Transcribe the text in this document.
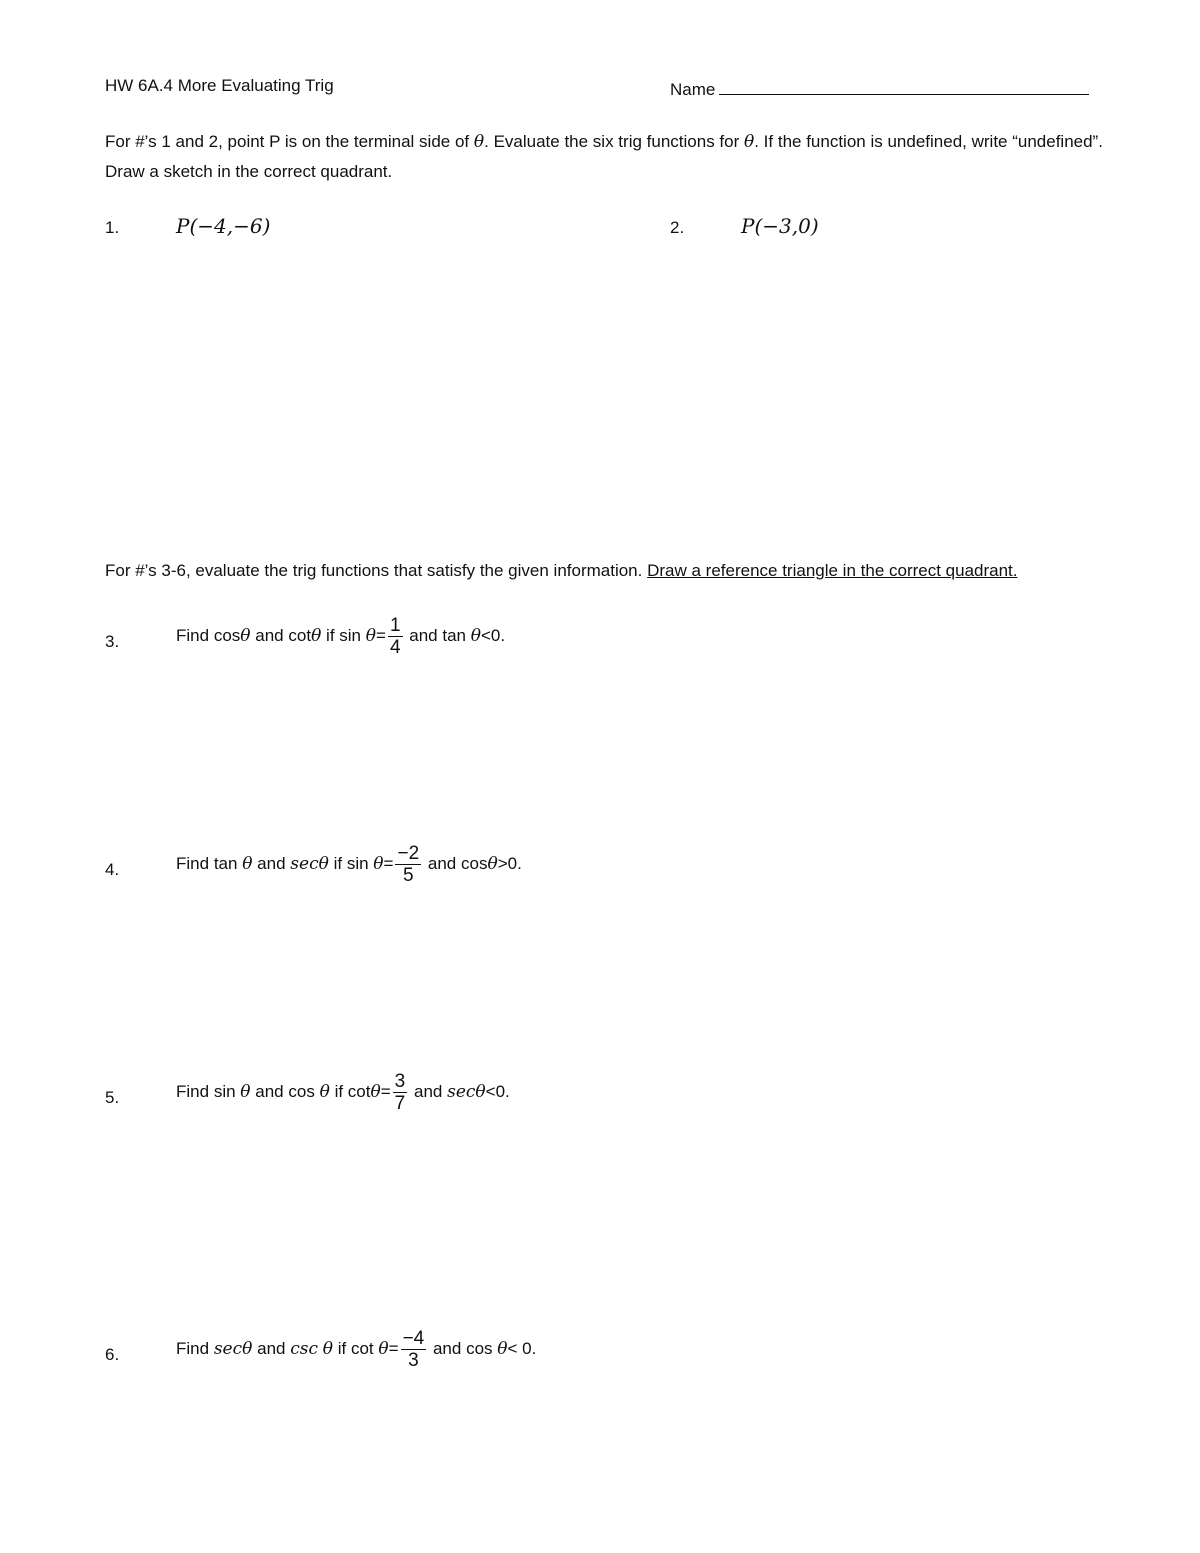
HW 6A.4 More Evaluating Trig	Name
For #’s 1 and 2, point P is on the terminal side of θ. Evaluate the six trig functions for θ. If the function is undefined, write “undefined”. Draw a sketch in the correct quadrant.
1.	P(−4,−6)	2.	P(−3,0)
For #’s 3-6, evaluate the trig functions that satisfy the given information. Draw a reference triangle in the correct quadrant.
3.	Find cosθ and cotθ if $\sin \theta= \frac{1}{4}$ and tan θ<0.
4.	Find tan θ and secθ if $\sin \theta= \frac{-2}{5}$ and cosθ>0.
5.	Find sin θ and cos θ if $\cot\theta= \frac{3}{7}$ and secθ<0.
6.	Find secθ and csc θ if $\cot \theta= \frac{-4}{3}$ and cos θ< 0.
